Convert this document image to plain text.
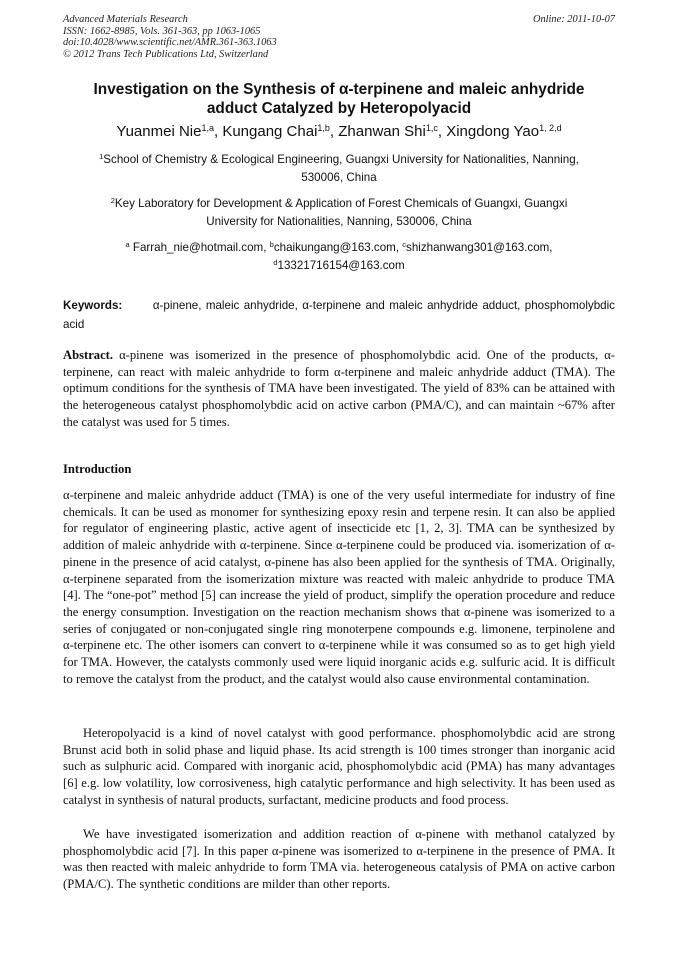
Advanced Materials Research
ISSN: 1662-8985, Vols. 361-363, pp 1063-1065
doi:10.4028/www.scientific.net/AMR.361-363.1063
© 2012 Trans Tech Publications Ltd, Switzerland
Online: 2011-10-07
Investigation on the Synthesis of α-terpinene and maleic anhydride
adduct Catalyzed by Heteropolyacid
Yuanmei Nie$^{1,a}$, Kungang Chai$^{1,b}$, Zhanwan Shi$^{1,c}$, Xingdong Yao$^{1, 2,d}$
$^1$School of Chemistry & Ecological Engineering, Guangxi University for Nationalities, Nanning,
530006, China
$^2$Key Laboratory for Development & Application of Forest Chemicals of Guangxi, Guangxi
University for Nationalities, Nanning, 530006, China
$^a$ Farrah_nie@hotmail.com, $^b$chaikungang@163.com, $^c$shizhanwang301@163.com,
$^d$13321716154@163.com
Keywords:	α-pinene, maleic anhydride, α-terpinene and maleic anhydride adduct, phosphomolybdic acid
Abstract. α-pinene was isomerized in the presence of phosphomolybdic acid. One of the products, α-terpinene, can react with maleic anhydride to form α-terpinene and maleic anhydride adduct (TMA). The optimum conditions for the synthesis of TMA have been investigated. The yield of 83% can be attained with the heterogeneous catalyst phosphomolybdic acid on active carbon (PMA/C), and can maintain ~67% after the catalyst was used for 5 times.
Introduction
α-terpinene and maleic anhydride adduct (TMA) is one of the very useful intermediate for industry of fine chemicals. It can be used as monomer for synthesizing epoxy resin and terpene resin. It can also be applied for regulator of engineering plastic, active agent of insecticide etc [1, 2, 3]. TMA can be synthesized by addition of maleic anhydride with α-terpinene. Since α-terpinene could be produced via. isomerization of α-pinene in the presence of acid catalyst, α-pinene has also been applied for the synthesis of TMA. Originally, α-terpinene separated from the isomerization mixture was reacted with maleic anhydride to produce TMA [4]. The “one-pot” method [5] can increase the yield of product, simplify the operation procedure and reduce the energy consumption. Investigation on the reaction mechanism shows that α-pinene was isomerized to a series of conjugated or non-conjugated single ring monoterpene compounds e.g. limonene, terpinolene and α-terpinene etc. The other isomers can convert to α-terpinene while it was consumed so as to get high yield for TMA. However, the catalysts commonly used were liquid inorganic acids e.g. sulfuric acid. It is difficult to remove the catalyst from the product, and the catalyst would also cause environmental contamination.
Heteropolyacid is a kind of novel catalyst with good performance. phosphomolybdic acid are strong Brunst acid both in solid phase and liquid phase. Its acid strength is 100 times stronger than inorganic acid such as sulphuric acid. Compared with inorganic acid, phosphomolybdic acid (PMA) has many advantages [6] e.g. low volatility, low corrosiveness, high catalytic performance and high selectivity. It has been used as catalyst in synthesis of natural products, surfactant, medicine products and food process.
We have investigated isomerization and addition reaction of α-pinene with methanol catalyzed by phosphomolybdic acid [7]. In this paper α-pinene was isomerized to α-terpinene in the presence of PMA. It was then reacted with maleic anhydride to form TMA via. heterogeneous catalysis of PMA on active carbon (PMA/C). The synthetic conditions are milder than other reports.
